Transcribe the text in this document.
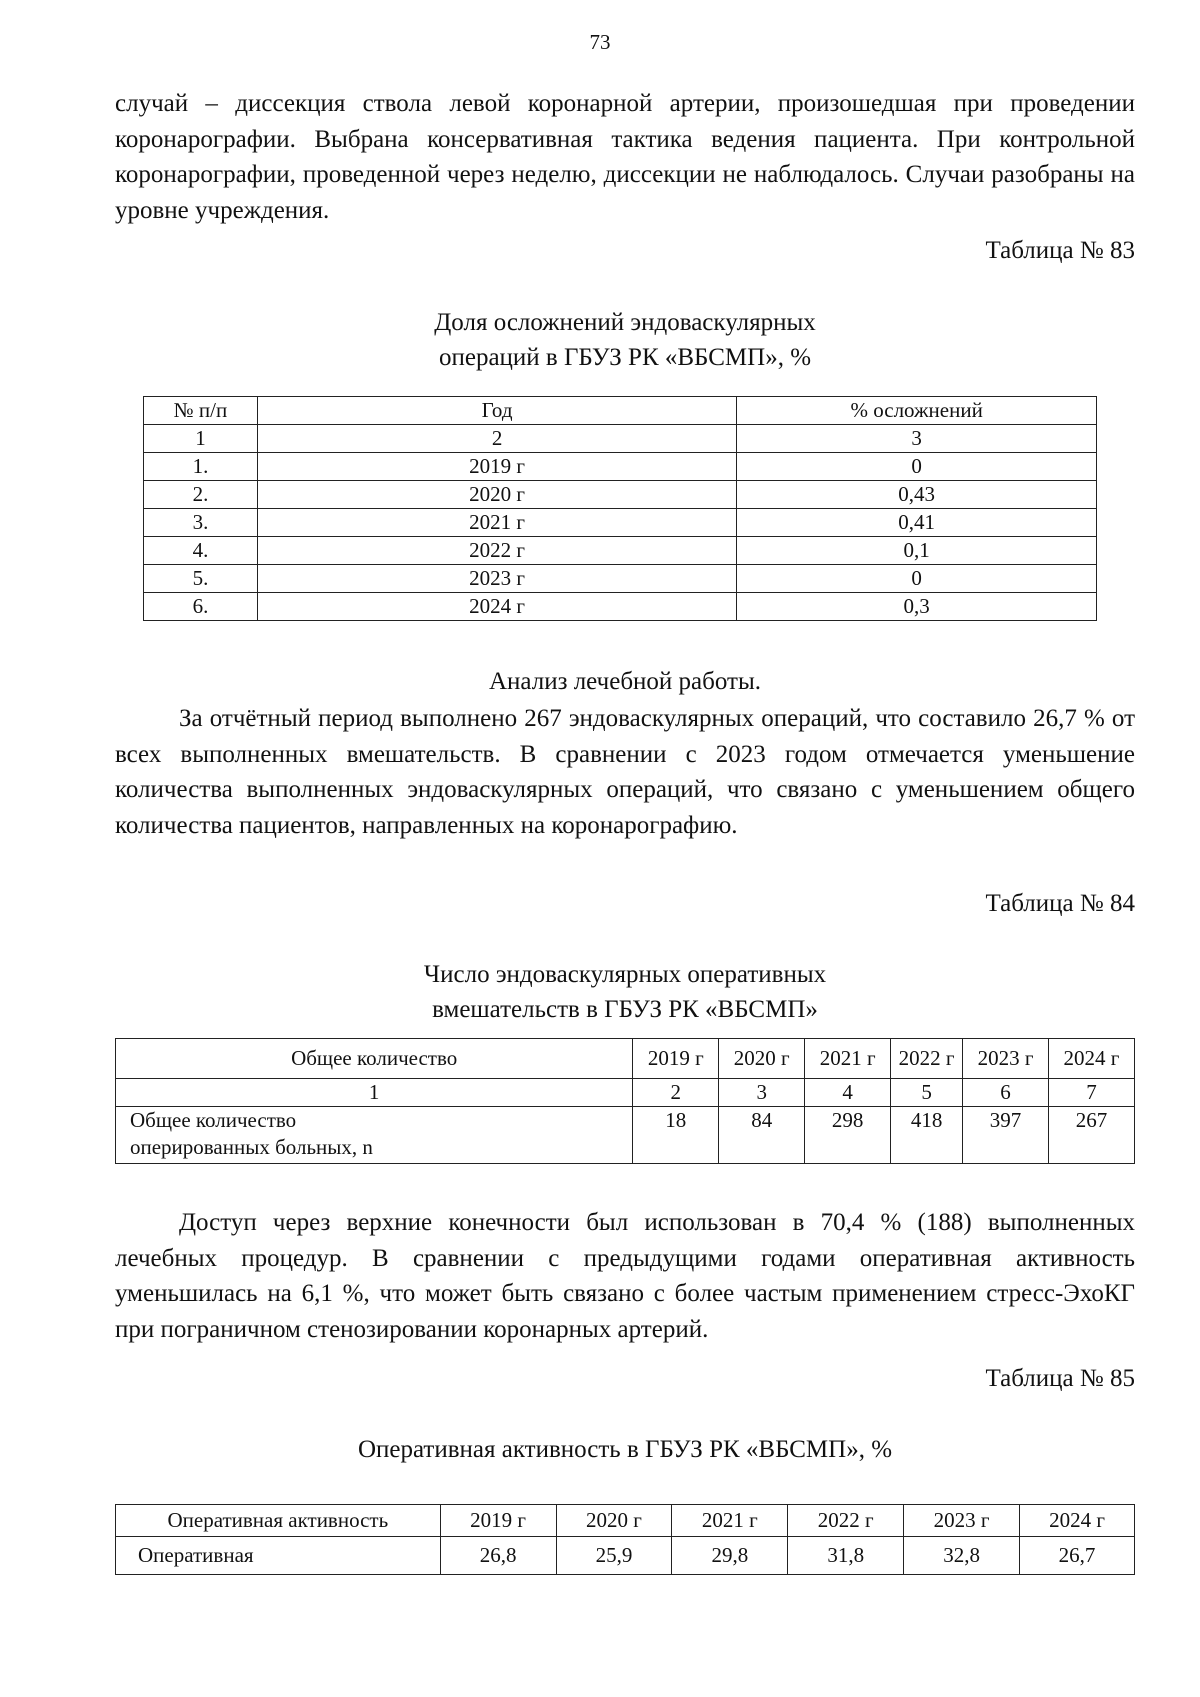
73

случай – диссекция ствола левой коронарной артерии, произошедшая при проведении коронарографии. Выбрана консервативная тактика ведения пациента. При контрольной коронарографии, проведенной через неделю, диссекции не наблюдалось. Случаи разобраны на уровне учреждения.

Таблица № 83
Доля осложнений эндоваскулярных
операций в ГБУЗ РК «ВБСМП», %
№ п/п	Год	% осложнений
1	2	3
1.	2019 г	0
2.	2020 г	0,43
3.	2021 г	0,41
4.	2022 г	0,1
5.	2023 г	0
6.	2024 г	0,3
Анализ лечебной работы.

За отчётный период выполнено 267 эндоваскулярных операций, что составило 26,7 % от всех выполненных вмешательств. В сравнении с 2023 годом отмечается уменьшение количества выполненных эндоваскулярных операций, что связано с уменьшением общего количества пациентов, направленных на коронарографию.

Таблица № 84
Число эндоваскулярных оперативных
вмешательств в ГБУЗ РК «ВБСМП»
Общее количество	2019 г	2020 г	2021 г	2022 г	2023 г	2024 г
1	2	3	4	5	6	7

Общее количество
оперированных больных, n	18	84	298	418	397	267

Доступ через верхние конечности был использован в 70,4 % (188) выполненных лечебных процедур. В сравнении с предыдущими годами оперативная активность уменьшилась на 6,1 %, что может быть связано с более частым применением стресс-ЭхоКГ при пограничном стенозировании коронарных артерий.

Таблица № 85
Оперативная активность в ГБУЗ РК «ВБСМП», %
Оперативная активность	2019 г	2020 г	2021 г	2022 г	2023 г	2024 г
Оперативная	26,8	25,9	29,8	31,8	32,8	26,7
